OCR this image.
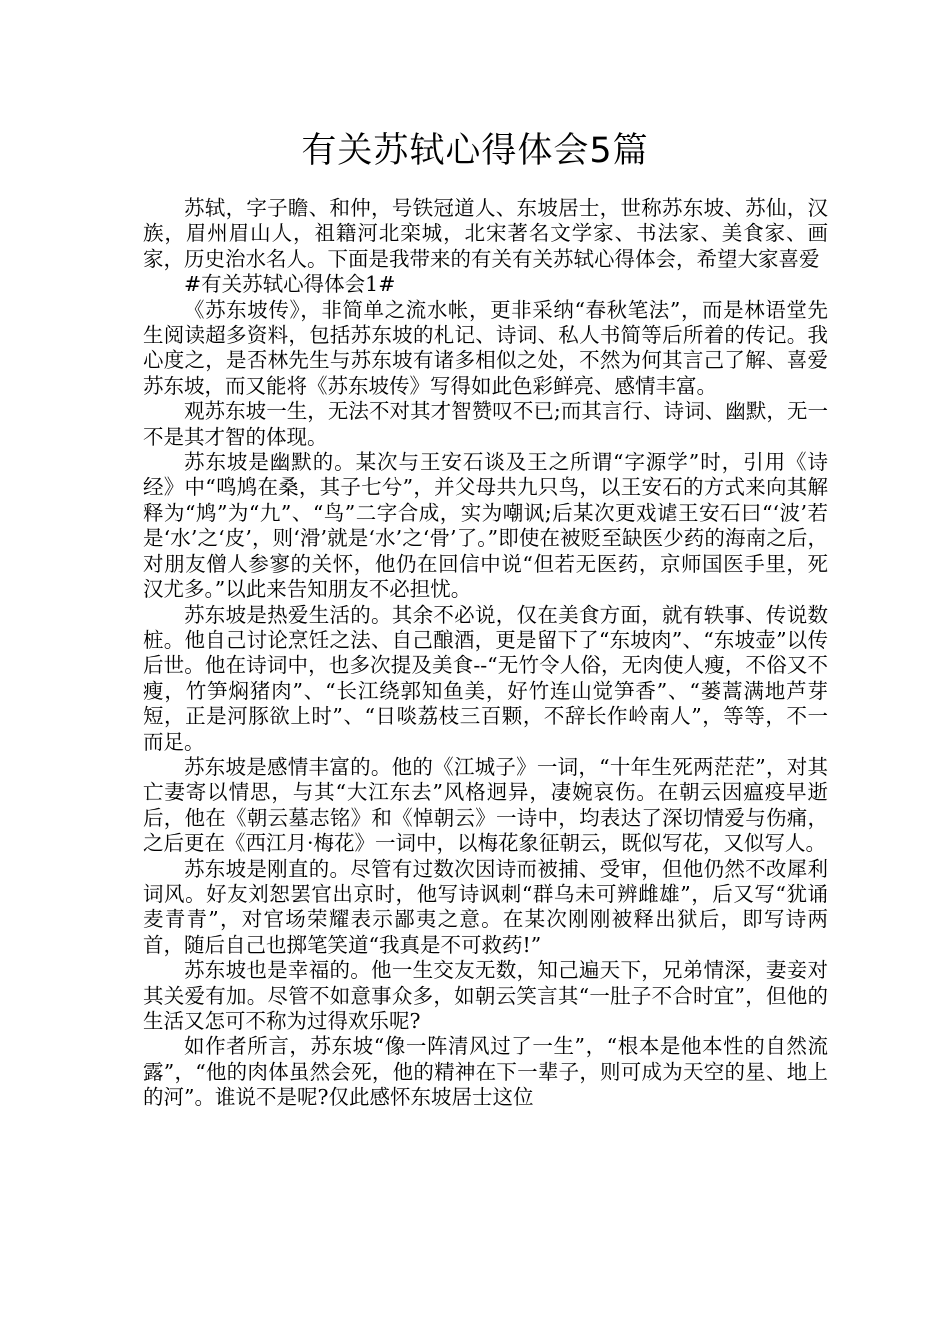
有关苏轼心得体会5篇

苏轼，字子瞻、和仲，号铁冠道人、东坡居士，世称苏东坡、苏仙，汉族，眉州眉山人，祖籍河北栾城，北宋著名文学家、书法家、美食家、画家，历史治水名人。下面是我带来的有关有关苏轼心得体会，希望大家喜爱

#有关苏轼心得体会1#

《苏东坡传》，非简单之流水帐，更非采纳“春秋笔法”，而是林语堂先生阅读超多资料，包括苏东坡的札记、诗词、私人书简等后所着的传记。我心度之，是否林先生与苏东坡有诸多相似之处，不然为何其言己了解、喜爱苏东坡，而又能将《苏东坡传》写得如此色彩鲜亮、感情丰富。

观苏东坡一生，无法不对其才智赞叹不已;而其言行、诗词、幽默，无一不是其才智的体现。

苏东坡是幽默的。某次与王安石谈及王之所谓“字源学”时，引用《诗经》中“鸣鸠在桑，其子七兮”，并父母共九只鸟，以王安石的方式来向其解释为“鸠”为“九”、“鸟”二字合成，实为嘲讽;后某次更戏谑王安石曰“‘波’若是‘水’之‘皮’，则‘滑’就是‘水’之‘骨’了。”即使在被贬至缺医少药的海南之后，对朋友僧人参寥的关怀，他仍在回信中说“但若无医药，京师国医手里，死汉尤多。”以此来告知朋友不必担忧。

苏东坡是热爱生活的。其余不必说，仅在美食方面，就有轶事、传说数桩。他自己讨论烹饪之法、自己酿酒，更是留下了“东坡肉”、“东坡壶”以传后世。他在诗词中，也多次提及美食--“无竹令人俗，无肉使人瘦，不俗又不瘦，竹笋焖猪肉”、“长江绕郭知鱼美，好竹连山觉笋香”、“蒌蒿满地芦芽短，正是河豚欲上时”、“日啖荔枝三百颗，不辞长作岭南人”，等等，不一而足。

苏东坡是感情丰富的。他的《江城子》一词，“十年生死两茫茫”，对其亡妻寄以情思，与其“大江东去”风格迥异，凄婉哀伤。在朝云因瘟疫早逝后，他在《朝云墓志铭》和《悼朝云》一诗中，均表达了深切情爱与伤痛，之后更在《西江月·梅花》一词中，以梅花象征朝云，既似写花，又似写人。

苏东坡是刚直的。尽管有过数次因诗而被捕、受审，但他仍然不改犀利词风。好友刘恕罢官出京时，他写诗讽刺“群乌未可辨雌雄”，后又写“犹诵麦青青”，对官场荣耀表示鄙夷之意。在某次刚刚被释出狱后，即写诗两首，随后自己也掷笔笑道“我真是不可救药!”

苏东坡也是幸福的。他一生交友无数，知己遍天下，兄弟情深，妻妾对其关爱有加。尽管不如意事众多，如朝云笑言其“一肚子不合时宜”，但他的生活又怎可不称为过得欢乐呢?

如作者所言，苏东坡“像一阵清风过了一生”，“根本是他本性的自然流露”，“他的肉体虽然会死，他的精神在下一辈子，则可成为天空的星、地上的河”。谁说不是呢?仅此感怀东坡居士这位
